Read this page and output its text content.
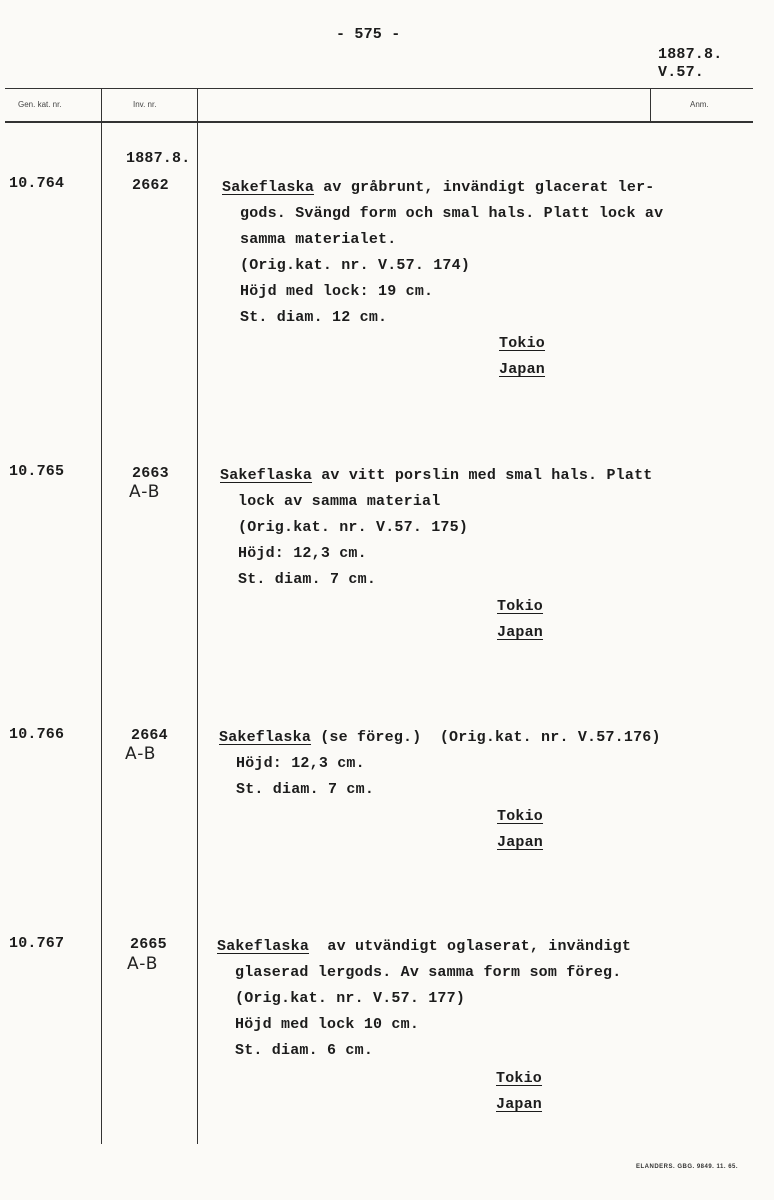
- 575 -
1887.8.
V.57.
Gen. kat. nr.	Inv. nr.	Anm.
1887.8.
10.764	2662	Sakeflaska av gråbrunt, invändigt glacerat ler-
gods. Svängd form och smal hals. Platt lock av
samma materialet.
(Orig.kat. nr. V.57. 174)
Höjd med lock: 19 cm.
St. diam. 12 cm.
Tokio
Japan
10.765	2663
A-B
Sakeflaska av vitt porslin med smal hals. Platt
lock av samma material
(Orig.kat. nr. V.57. 175)
Höjd: 12,3 cm.
St. diam. 7 cm.
Tokio
Japan
10.766	2664
A-B
Sakeflaska (se föreg.)  (Orig.kat. nr. V.57.176)
Höjd: 12,3 cm.
St. diam. 7 cm.
Tokio
Japan
10.767	2665
A-B
Sakeflaska  av utvändigt oglaserat, invändigt
glaserad lergods. Av samma form som föreg.
(Orig.kat. nr. V.57. 177)
Höjd med lock 10 cm.
St. diam. 6 cm.
Tokio
Japan
ELANDERS. GBG. 9849. 11. 65.
